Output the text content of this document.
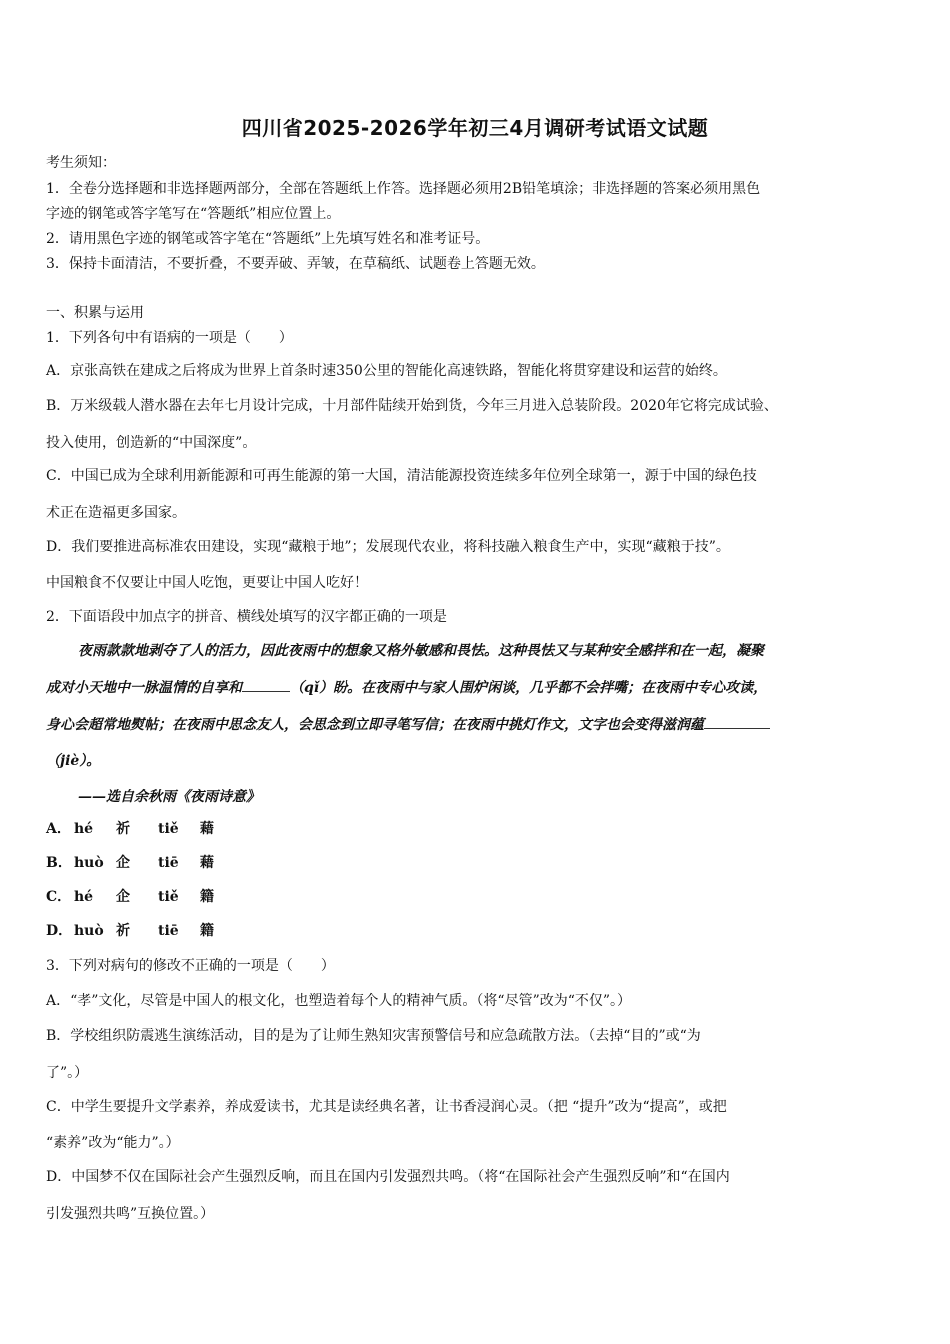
四川省2025-2026学年初三4月调研考试语文试题
考生须知：
1．全卷分选择题和非选择题两部分，全部在答题纸上作答。选择题必须用2B铅笔填涂；非选择题的答案必须用黑色
字迹的钢笔或答字笔写在“答题纸”相应位置上。
2．请用黑色字迹的钢笔或答字笔在“答题纸”上先填写姓名和准考证号。
3．保持卡面清洁，不要折叠，不要弄破、弄皱，在草稿纸、试题卷上答题无效。
一、积累与运用
1．下列各句中有语病的一项是（　　）
A．京张高铁在建成之后将成为世界上首条时速350公里的智能化高速铁路，智能化将贯穿建设和运营的始终。
B．万米级载人潜水器在去年七月设计完成，十月部件陆续开始到货，今年三月进入总装阶段。2020年它将完成试验、
投入使用，创造新的“中国深度”。
C．中国已成为全球利用新能源和可再生能源的第一大国，清洁能源投资连续多年位列全球第一，源于中国的绿色技
术正在造福更多国家。
D．我们要推进高标准农田建设，实现“藏粮于地”；发展现代农业，将科技融入粮食生产中，实现“藏粮于技”。
中国粮食不仅要让中国人吃饱，更要让中国人吃好！
2．下面语段中加点字的拼音、横线处填写的汉字都正确的一项是
夜雨款款地剥夺了人的活力，因此夜雨中的想象又格外敏感和畏怯。这种畏怯又与某种安全感拌和在一起，凝聚
成对小天地中一脉温情的自享和	（qǐ）盼。在夜雨中与家人围炉闲谈，几乎都不会拌嘴；在夜雨中专心攻读，
身心会超常地熨帖；在夜雨中思念友人，会思念到立即寻笔写信；在夜雨中挑灯作文，文字也会变得滋润蕴
（jiè）。
——选自余秋雨《夜雨诗意》
A． hé 祈 tiě 藉
B． huò 企 tiē 藉
C． hé 企 tiě 籍
D． huò 祈 tiē 籍
3．下列对病句的修改不正确的一项是（　　）
A．“孝”文化，尽管是中国人的根文化，也塑造着每个人的精神气质。（将“尽管”改为“不仅”。）
B．学校组织防震逃生演练活动，目的是为了让师生熟知灾害预警信号和应急疏散方法。（去掉“目的”或“为
了”。）
C．中学生要提升文学素养，养成爱读书，尤其是读经典名著，让书香浸润心灵。（把 “提升”改为“提高”，或把
“素养”改为“能力”。）
D．中国梦不仅在国际社会产生强烈反响，而且在国内引发强烈共鸣。（将“在国际社会产生强烈反响”和“在国内
引发强烈共鸣”互换位置。）
